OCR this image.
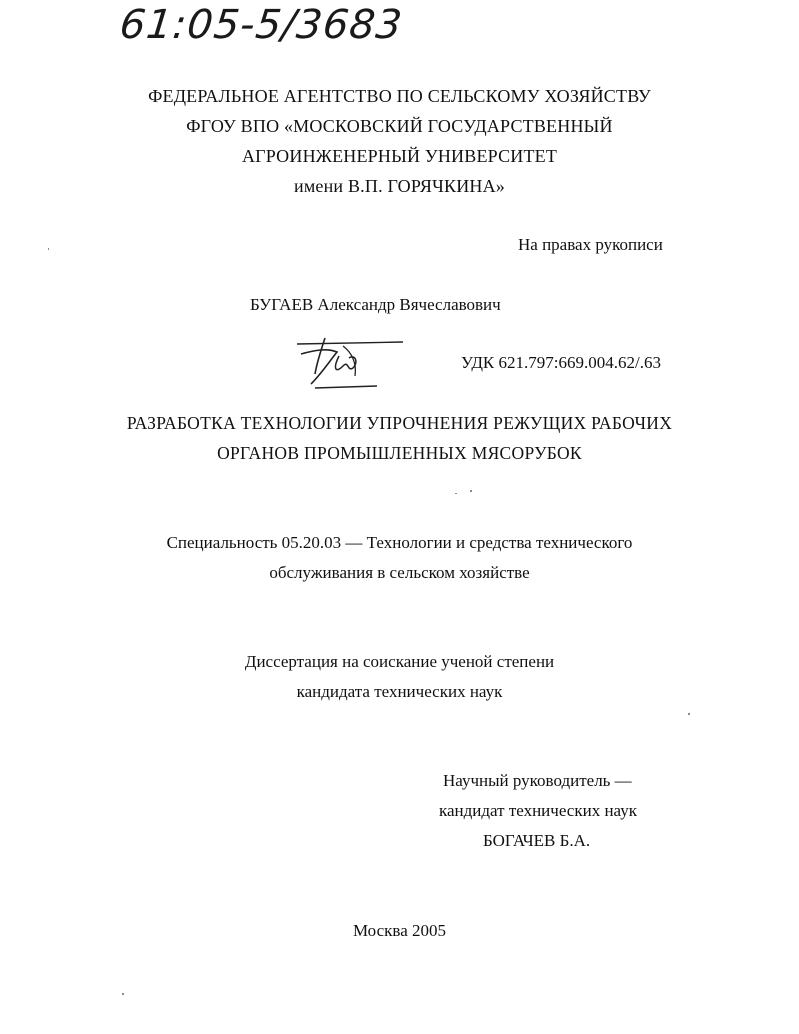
61:05-5/3683
ФЕДЕРАЛЬНОЕ АГЕНТСТВО ПО СЕЛЬСКОМУ ХОЗЯЙСТВУ
ФГОУ ВПО «МОСКОВСКИЙ ГОСУДАРСТВЕННЫЙ
АГРОИНЖЕНЕРНЫЙ УНИВЕРСИТЕТ
имени В.П. ГОРЯЧКИНА»
На правах рукописи
БУГАЕВ Александр Вячеславович
УДК 621.797:669.004.62/.63
РАЗРАБОТКА ТЕХНОЛОГИИ УПРОЧНЕНИЯ РЕЖУЩИХ РАБОЧИХ
ОРГАНОВ ПРОМЫШЛЕННЫХ МЯСОРУБОК
Специальность 05.20.03 — Технологии и средства технического
обслуживания в сельском хозяйстве
Диссертация на соискание ученой степени
кандидата технических наук
Научный руководитель —
кандидат технических наук
БОГАЧЕВ Б.А.
Москва 2005
